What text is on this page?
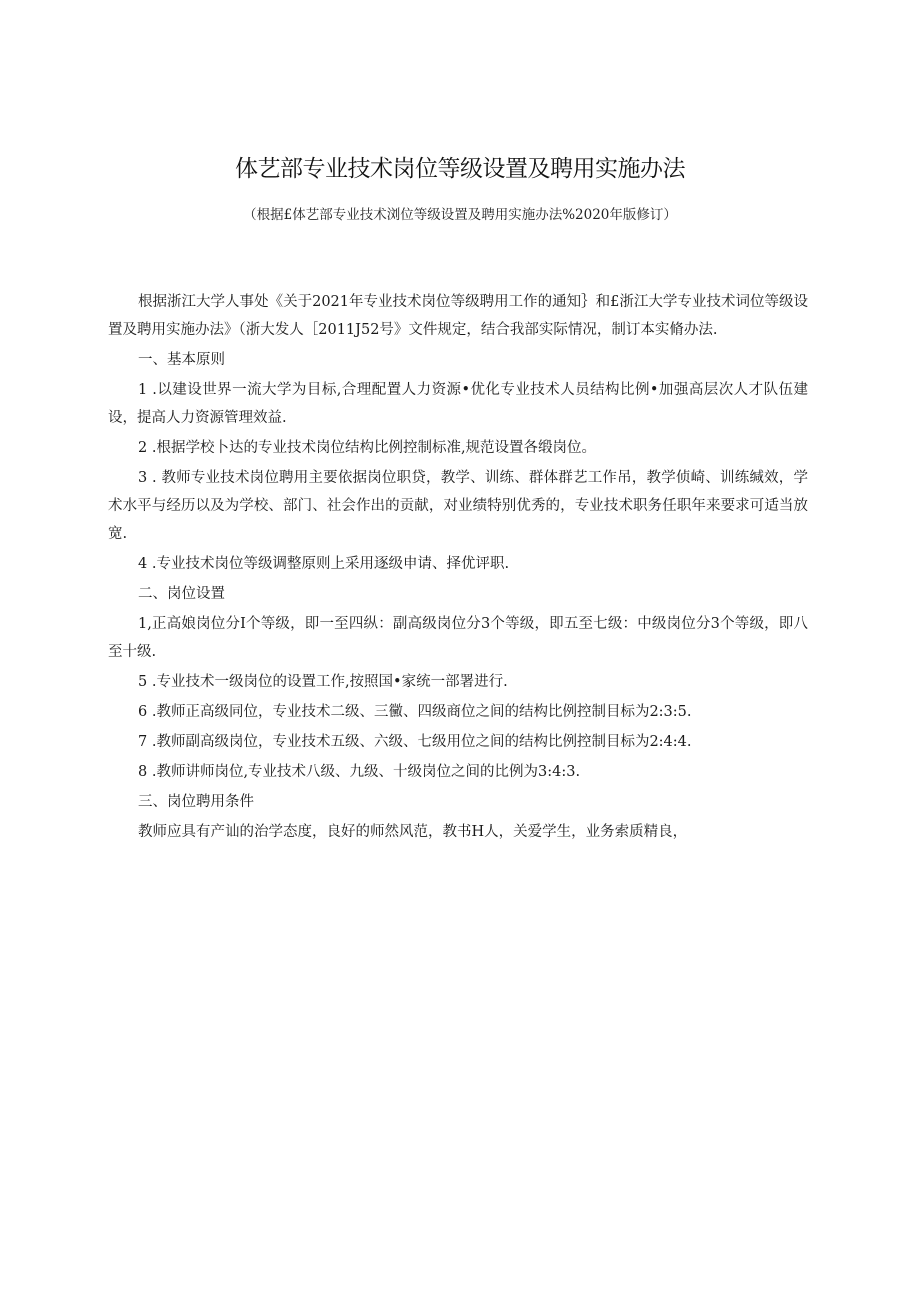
体艺部专业技术岗位等级设置及聘用实施办法

（根据£体艺部专业技术浏位等级设置及聘用实施办法%2020年版修订）

根据浙江大学人事处《关于2021年专业技术岗位等级聘用工作的通知｝和£浙江大学专业技术词位等级设置及聘用实施办法》（浙大发人［2011J52号》文件规定，结合我部实际情况，制订本实脩办法.

一、基本原则

1 .以建设世界一流大学为目标,合理配置人力资源•优化专业技术人员结构比例•加强高层次人才队伍建设，提高人力资源管理效益.

2 .根据学校卜达的专业技术岗位结构比例控制标准,规范设置各缎岗位。

3 . 教师专业技术岗位聘用主要依据岗位职贷，教学、训练、群体群艺工作吊，教学侦崎、训练缄效，学术水平与经历以及为学校、部门、社会作出的贡献，对业绩特别优秀的，专业技术职务任职年来要求可适当放宽.

4 .专业技术岗位等级调整原则上采用逐级申请、择优评职.

二、岗位设置

1,正高娘岗位分I个等级，即一至四纵：副高级岗位分3个等级，即五至七级：中级岗位分3个等级，即八至十级.

5 .专业技术一级岗位的设置工作,按照国•家统一部署进行.

6 .教师正高级同位，专业技术二级、三黴、四级商位之间的结构比例控制目标为2:3:5.

7 .教师副高级岗位，专业技术五级、六级、七级用位之间的结构比例控制目标为2:4:4.

8 .教师讲师岗位,专业技术八级、九级、十级岗位之间的比例为3:4:3.

三、岗位聘用条件

教师应具有产讪的治学态度，良好的师然风范，教书H人，关爱学生，业务索质精良，
